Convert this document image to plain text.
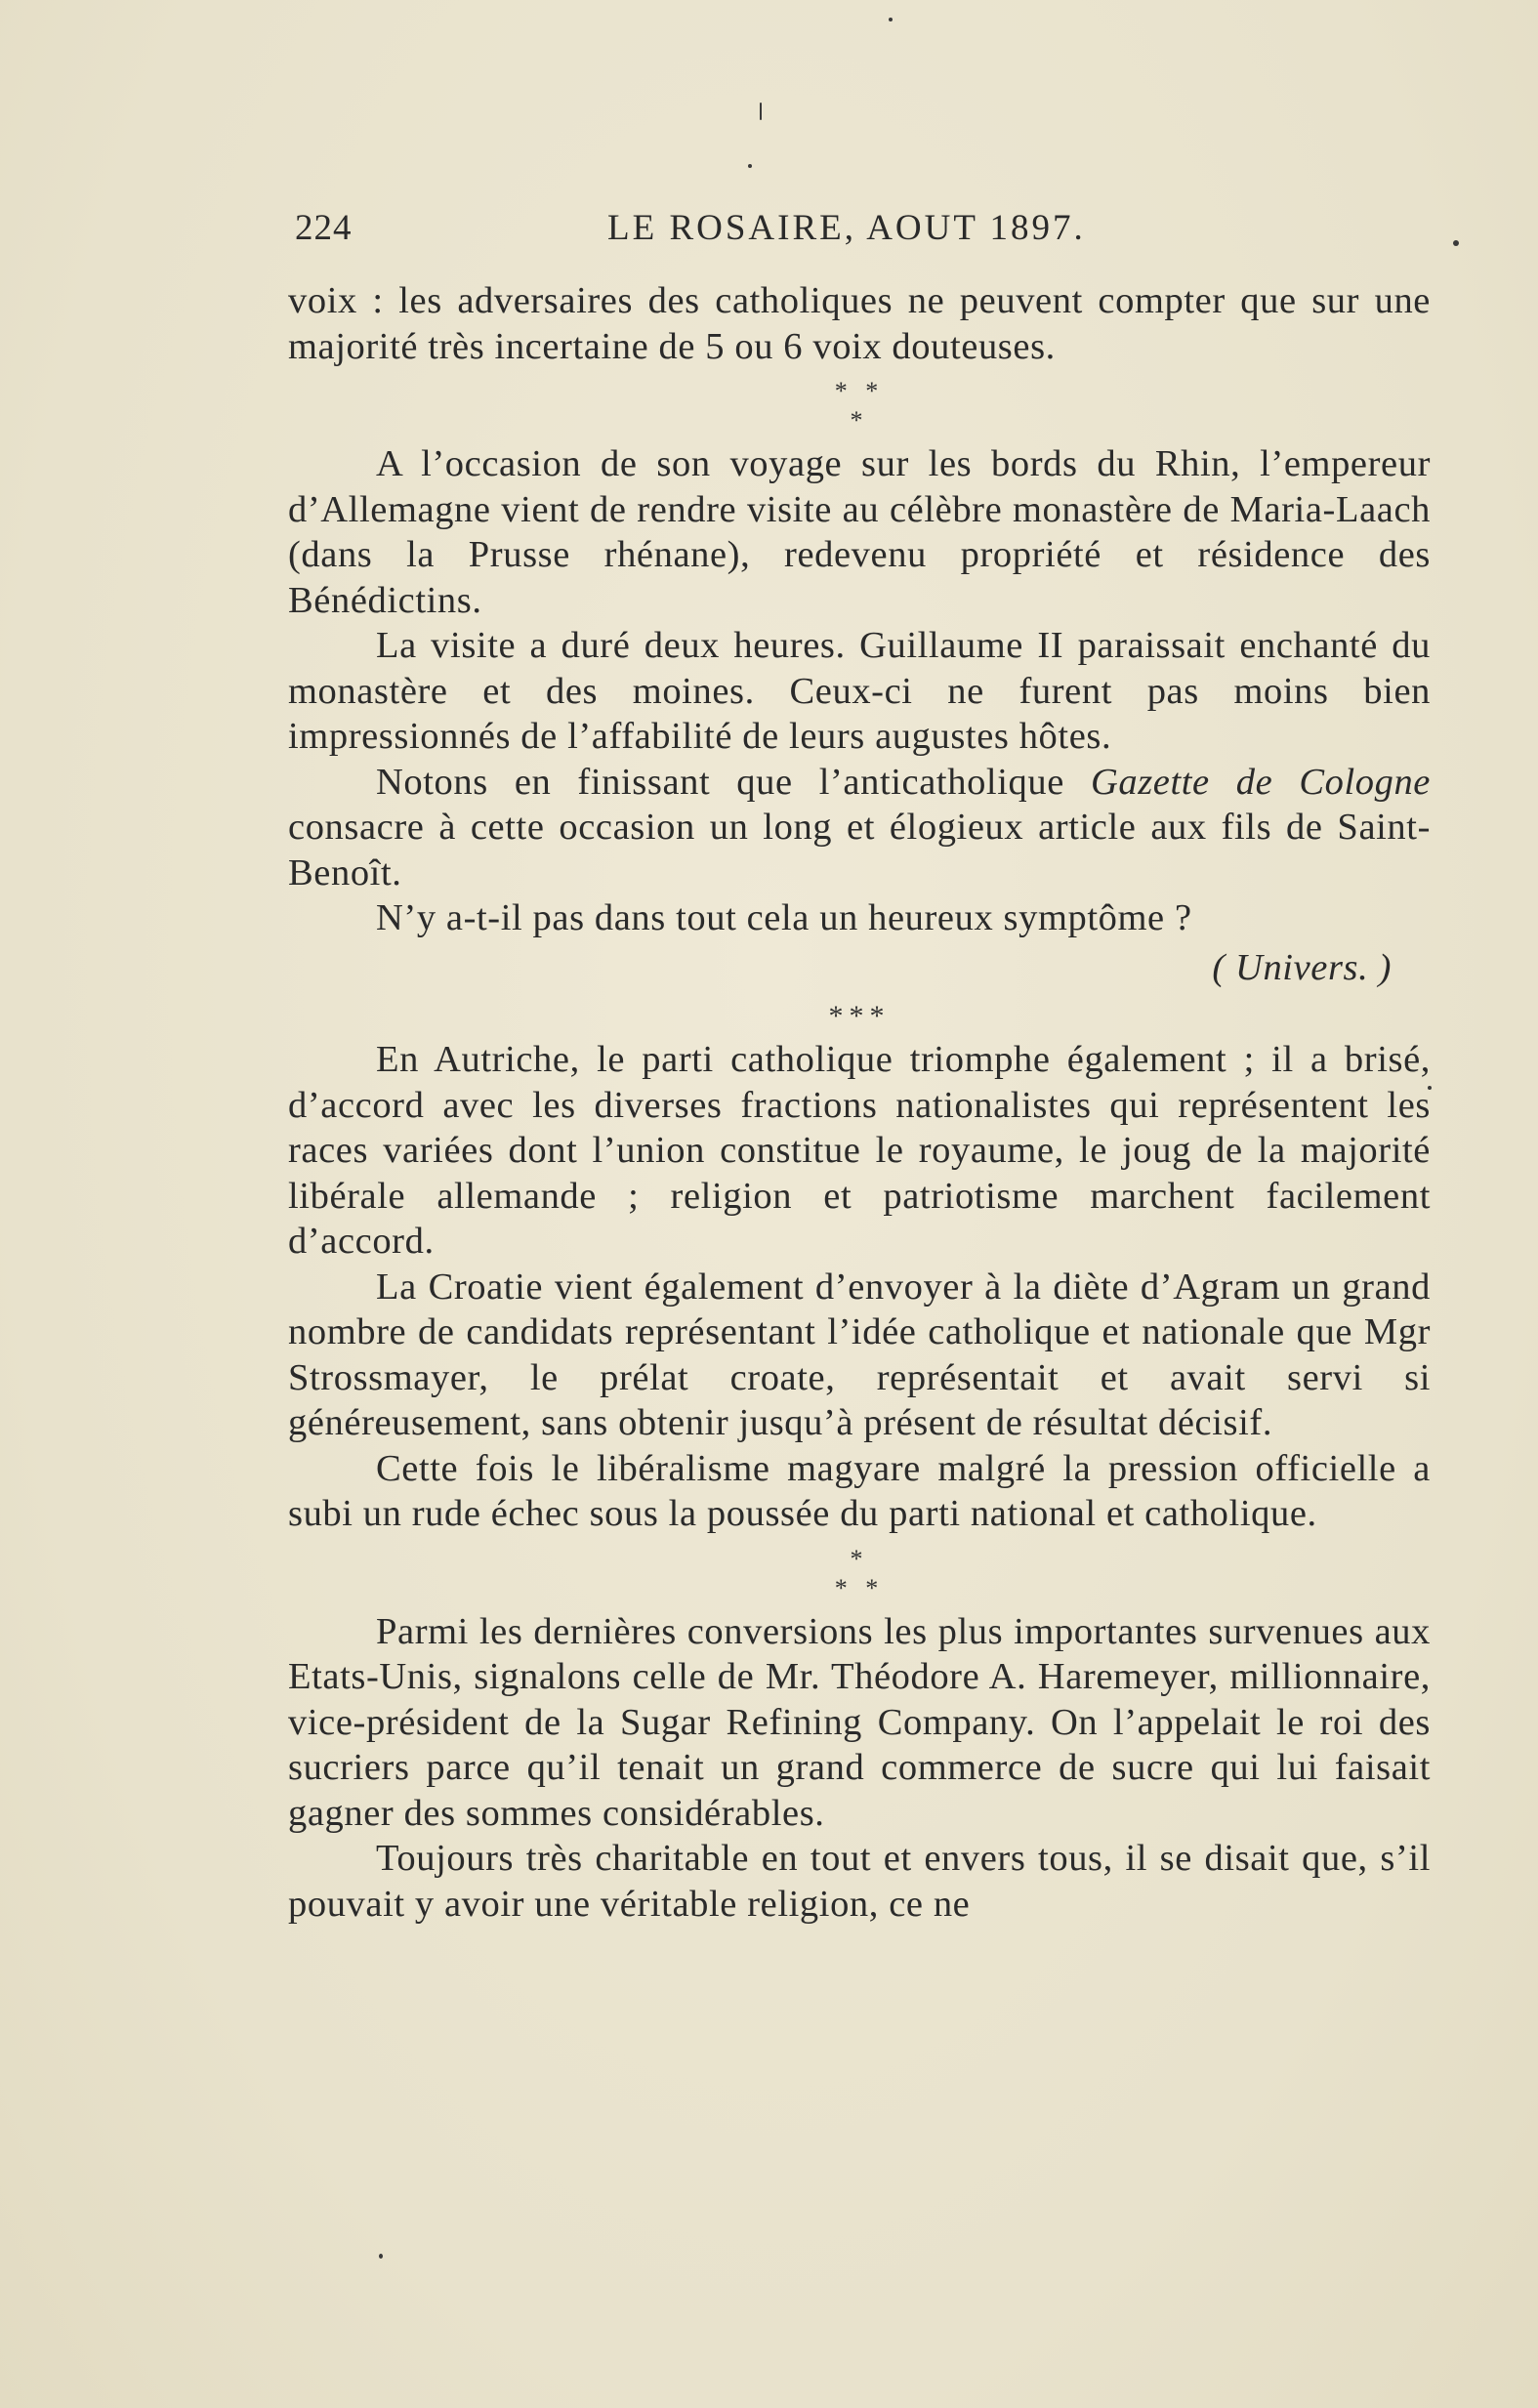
224	LE ROSAIRE, AOUT 1897.

voix : les adversaires des catholiques ne peuvent compter que sur une majorité très incertaine de 5 ou 6 voix douteuses.

* *
*

A l’occasion de son voyage sur les bords du Rhin, l’empereur d’Allemagne vient de rendre visite au célèbre monastère de Maria-Laach (dans la Prusse rhénane), redevenu propriété et résidence des Bénédictins.

La visite a duré deux heures. Guillaume II paraissait enchanté du monastère et des moines. Ceux-ci ne furent pas moins bien impressionnés de l’affabilité de leurs augustes hôtes.

Notons en finissant que l’anticatholique Gazette de Cologne consacre à cette occasion un long et élogieux article aux fils de Saint-Benoît.

N’y a-t-il pas dans tout cela un heureux symptôme ?

( Univers. )
***

En Autriche, le parti catholique triomphe également ; il a brisé, d’accord avec les diverses fractions nationalistes qui représentent les races variées dont l’union constitue le royaume, le joug de la majorité libérale allemande ; religion et patriotisme marchent facilement d’accord.

La Croatie vient également d’envoyer à la diète d’Agram un grand nombre de candidats représentant l’idée catholique et nationale que Mgr Strossmayer, le prélat croate, représentait et avait servi si généreusement, sans obtenir jusqu’à présent de résultat décisif.

Cette fois le libéralisme magyare malgré la pression officielle a subi un rude échec sous la poussée du parti national et catholique.

*
* *

Parmi les dernières conversions les plus importantes survenues aux Etats-Unis, signalons celle de Mr. Théodore A. Haremeyer, millionnaire, vice-président de la Sugar Refining Company. On l’appelait le roi des sucriers parce qu’il tenait un grand commerce de sucre qui lui faisait gagner des sommes considérables.

Toujours très charitable en tout et envers tous, il se disait que, s’il pouvait y avoir une véritable religion, ce ne
